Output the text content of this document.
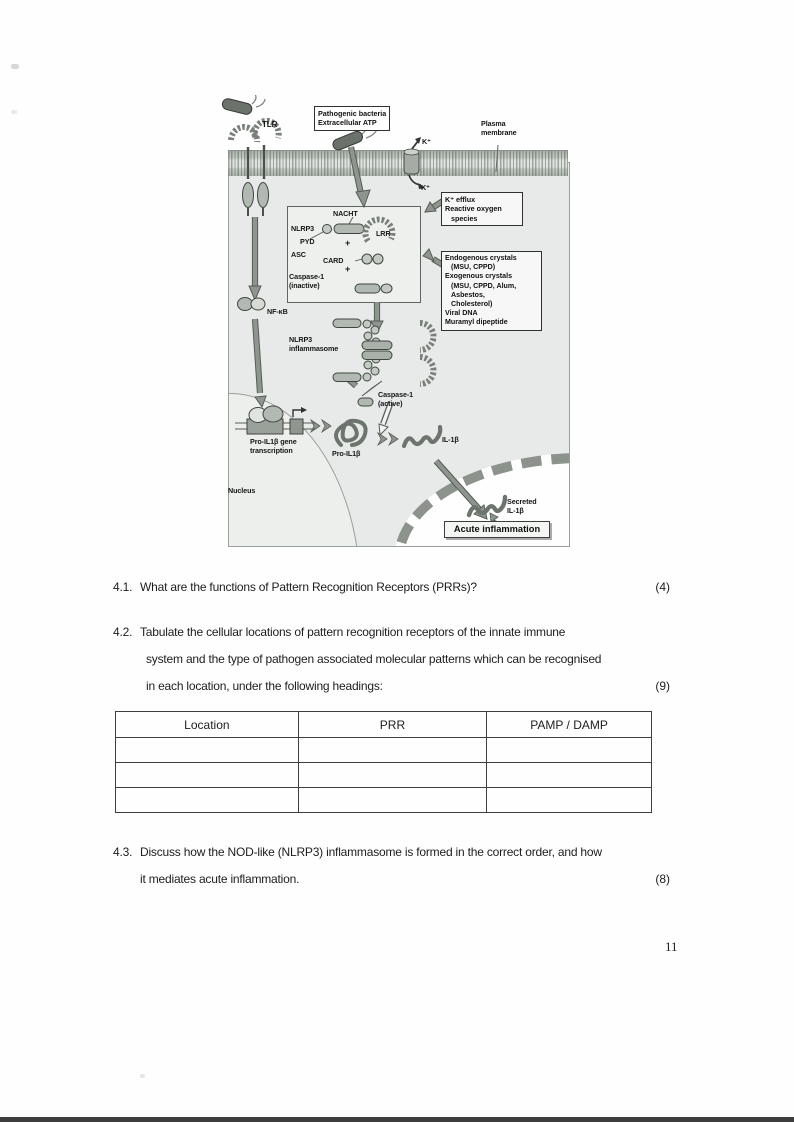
Pathogenic bacteria
Extracellular ATP
K⁺ efflux
Reactive oxygen
species
Endogenous crystals
(MSU, CPPD)
Exogenous crystals
(MSU, CPPD, Alum,
Asbestos,
Cholesterol)
Viral DNA
Muramyl dipeptide
TLR	Plasma
membrane
K⁺
K⁺
NACHT
NLRP3
LRR
PYD	+
ASC
CARD
+
Caspase-1
(inactive)
NF-κB
NLRP3
inflammasome
Caspase-1
(active)
Pro-IL1β gene
transcription	Pro-IL1β
IL-1β
Nucleus
Secreted
IL-1β
Acute inflammation
4.1. What are the functions of Pattern Recognition Receptors (PRRs)?	(4)
4.2. Tabulate the cellular locations of pattern recognition receptors of the innate immune
system and the type of pathogen associated molecular patterns which can be recognised
in each location, under the following headings:	(9)
Location	PRR	PAMP / DAMP

4.3. Discuss how the NOD-like (NLRP3) inflammasome is formed in the correct order, and how
it mediates acute inflammation.	(8)
11
